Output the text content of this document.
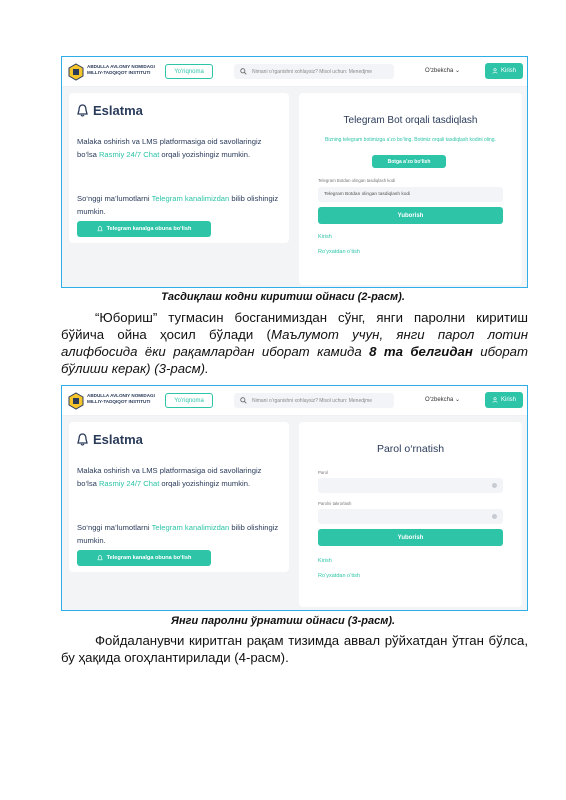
ABDULLA AVLONIY NOMIDAGI
MILLIY-TADQIQOT INSTITUTI	Yo'riqnoma	Nimani o‘rganishni xohlaysiz? Misol uchun: Menedjme	O‘zbekcha ⌄	Kirish
Eslatma
Malaka oshirish va LMS platformasiga oid savollaringiz bo‘lsa Rasmiy 24/7 Chat orqali yozishingiz mumkin.
So‘nggi ma’lumotlarni Telegram kanalimizdan bilib olishingiz mumkin.
Telegram kanalga obuna bo‘lish
Telegram Bot orqali tasdiqlash
Bizning telegram botimizga a’zo bo‘ling. Botimiz orqali tasdiqlash kodini oling.
Botga a’zo bo‘lish
Telegram Botdan olingan tasdiqlash kodi
Telegram Botdan olingan tasdiqlash kodi
Yuborish
Kirish
Ro‘yxatdan o‘tish
Тасдиқлаш кодни киритиш ойнаси (2-расм).
“Юбориш” тугмасин босганимиздан сўнг, янги паролни киритиш бўйича ойна ҳосил бўлади (Маълумот учун, янги парол лотин алифбосида ёки рақамлардан иборат камида 8 та белгидан иборат бўлиши керак) (3-расм).
ABDULLA AVLONIY NOMIDAGI
MILLIY-TADQIQOT INSTITUTI	Yo'riqnoma	Nimani o‘rganishni xohlaysiz? Misol uchun: Menedjme	O‘zbekcha ⌄	Kirish
Eslatma
Malaka oshirish va LMS platformasiga oid savollaringiz bo‘lsa Rasmiy 24/7 Chat orqali yozishingiz mumkin.
So‘nggi ma’lumotlarni Telegram kanalimizdan bilib olishingiz mumkin.
Telegram kanalga obuna bo‘lish
Parol o‘rnatish
Parol
Parolni takrorlash
Yuborish
Kirish
Ro‘yxatdan o‘tish
Янги паролни ўрнатиш ойнаси (3-расм).
Фойдаланувчи киритган рақам тизимда аввал рўйхатдан ўтган бўлса, бу ҳақида огоҳлантирилади (4-расм).
